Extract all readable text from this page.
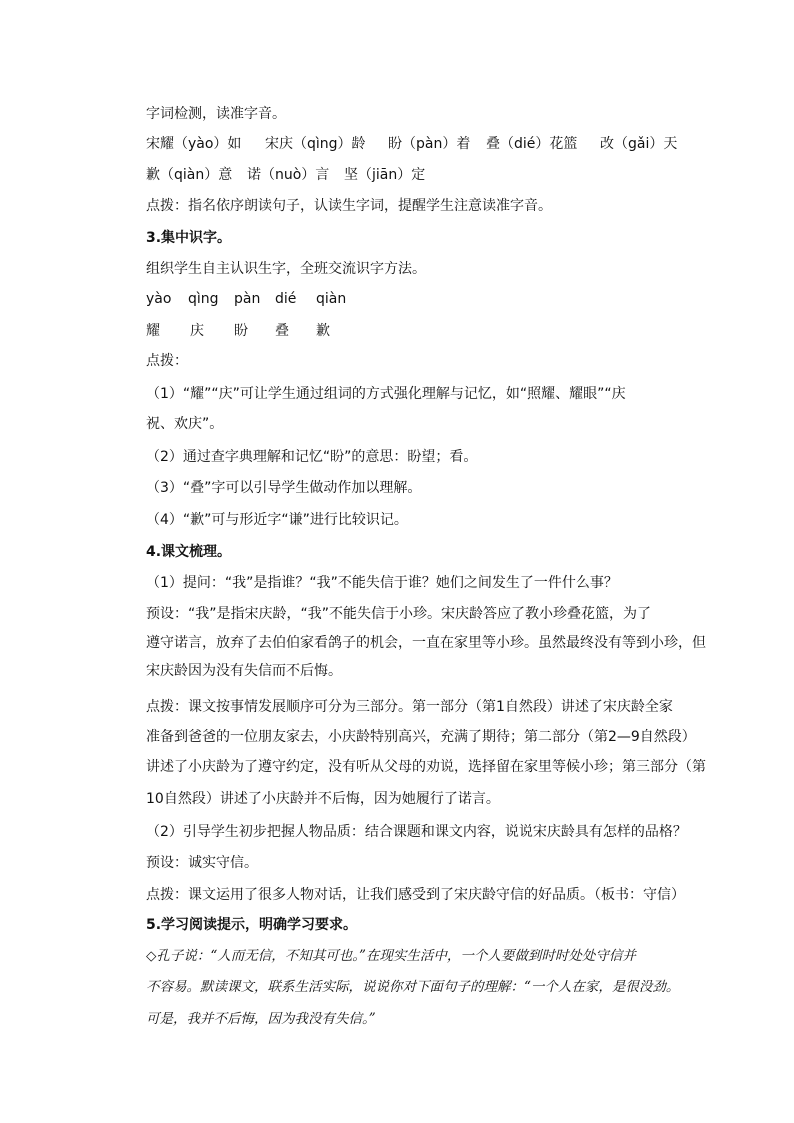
字词检测，读准字音。
宋耀（yào）如 宋庆（qìng）龄 盼（pàn）着 叠（dié）花篮 改（gǎi）天
歉（qiàn）意 诺（nuò）言 坚（jiān）定
点拨：指名依序朗读句子，认读生字词，提醒学生注意读准字音。
3.集中识字。
组织学生自主认识生字，全班交流识字方法。
yào qìng pàn dié qiàn
耀 庆 盼 叠 歉
点拨：
（1）“耀”“庆”可让学生通过组词的方式强化理解与记忆，如“照耀、耀眼”“庆
祝、欢庆”。
（2）通过查字典理解和记忆“盼”的意思：盼望；看。
（3）“叠”字可以引导学生做动作加以理解。
（4）“歉”可与形近字“谦”进行比较识记。
4.课文梳理。
（1）提问：“我”是指谁？“我”不能失信于谁？她们之间发生了一件什么事？
预设：“我”是指宋庆龄，“我”不能失信于小珍。宋庆龄答应了教小珍叠花篮，为了
遵守诺言，放弃了去伯伯家看鸽子的机会，一直在家里等小珍。虽然最终没有等到小珍，但
宋庆龄因为没有失信而不后悔。
点拨：课文按事情发展顺序可分为三部分。第一部分（第1自然段）讲述了宋庆龄全家
准备到爸爸的一位朋友家去，小庆龄特别高兴，充满了期待；第二部分（第2—9自然段）
讲述了小庆龄为了遵守约定，没有听从父母的劝说，选择留在家里等候小珍；第三部分（第
10自然段）讲述了小庆龄并不后悔，因为她履行了诺言。
（2）引导学生初步把握人物品质：结合课题和课文内容，说说宋庆龄具有怎样的品格？
预设：诚实守信。
点拨：课文运用了很多人物对话，让我们感受到了宋庆龄守信的好品质。（板书：守信）
5.学习阅读提示，明确学习要求。
◇孔子说：“人而无信，不知其可也。”在现实生活中，一个人要做到时时处处守信并
不容易。默读课文，联系生活实际，说说你对下面句子的理解：“一个人在家，是很没劲。
可是，我并不后悔，因为我没有失信。”
